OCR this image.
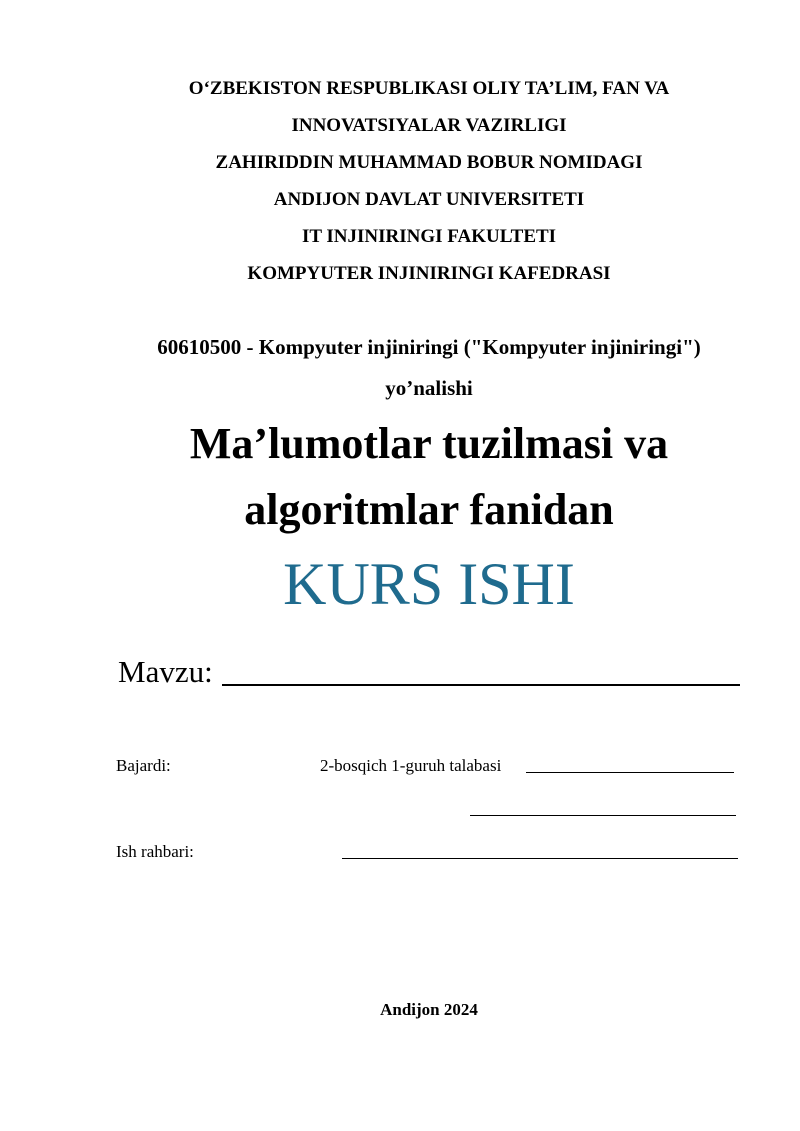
O‘ZBEKISTON RESPUBLIKASI OLIY TA’LIM, FAN VA
INNOVATSIYALAR VAZIRLIGI
ZAHIRIDDIN MUHAMMAD BOBUR NOMIDAGI
ANDIJON DAVLAT UNIVERSITETI
IT INJINIRINGI FAKULTETI
KOMPYUTER INJINIRINGI KAFEDRASI
60610500 - Kompyuter injiniringi ("Kompyuter injiniringi")
yo’nalishi
Ma’lumotlar tuzilmasi va
algoritmlar fanidan
KURS ISHI
Mavzu:
Bajardi:	2-bosqich 1-guruh talabasi
Ish rahbari:
Andijon 2024
